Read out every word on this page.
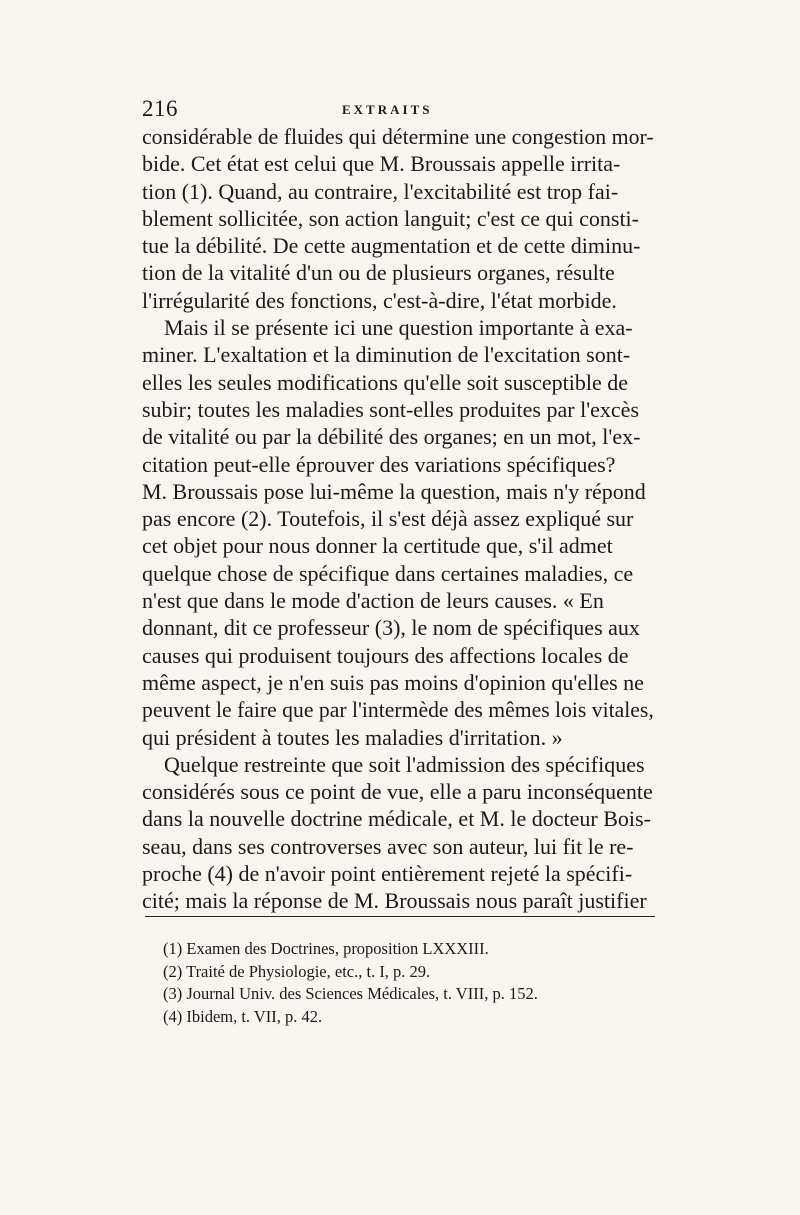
216	EXTRAITS
considérable de fluides qui détermine une congestion mor-
bide. Cet état est celui que M. Broussais appelle irrita-
tion (1). Quand, au contraire, l'excitabilité est trop fai-
blement sollicitée, son action languit; c'est ce qui consti-
tue la débilité. De cette augmentation et de cette diminu-
tion de la vitalité d'un ou de plusieurs organes, résulte
l'irrégularité des fonctions, c'est-à-dire, l'état morbide.
Mais il se présente ici une question importante à exa-
miner. L'exaltation et la diminution de l'excitation sont-
elles les seules modifications qu'elle soit susceptible de
subir; toutes les maladies sont-elles produites par l'excès
de vitalité ou par la débilité des organes; en un mot, l'ex-
citation peut-elle éprouver des variations spécifiques?
M. Broussais pose lui-même la question, mais n'y répond
pas encore (2). Toutefois, il s'est déjà assez expliqué sur
cet objet pour nous donner la certitude que, s'il admet
quelque chose de spécifique dans certaines maladies, ce
n'est que dans le mode d'action de leurs causes. « En
donnant, dit ce professeur (3), le nom de spécifiques aux
causes qui produisent toujours des affections locales de
même aspect, je n'en suis pas moins d'opinion qu'elles ne
peuvent le faire que par l'intermède des mêmes lois vitales,
qui président à toutes les maladies d'irritation. »
Quelque restreinte que soit l'admission des spécifiques
considérés sous ce point de vue, elle a paru inconséquente
dans la nouvelle doctrine médicale, et M. le docteur Bois-
seau, dans ses controverses avec son auteur, lui fit le re-
proche (4) de n'avoir point entièrement rejeté la spécifi-
cité; mais la réponse de M. Broussais nous paraît justifier
(1) Examen des Doctrines, proposition LXXXIII.
(2) Traité de Physiologie, etc., t. I, p. 29.
(3) Journal Univ. des Sciences Médicales, t. VIII, p. 152.
(4) Ibidem, t. VII, p. 42.
